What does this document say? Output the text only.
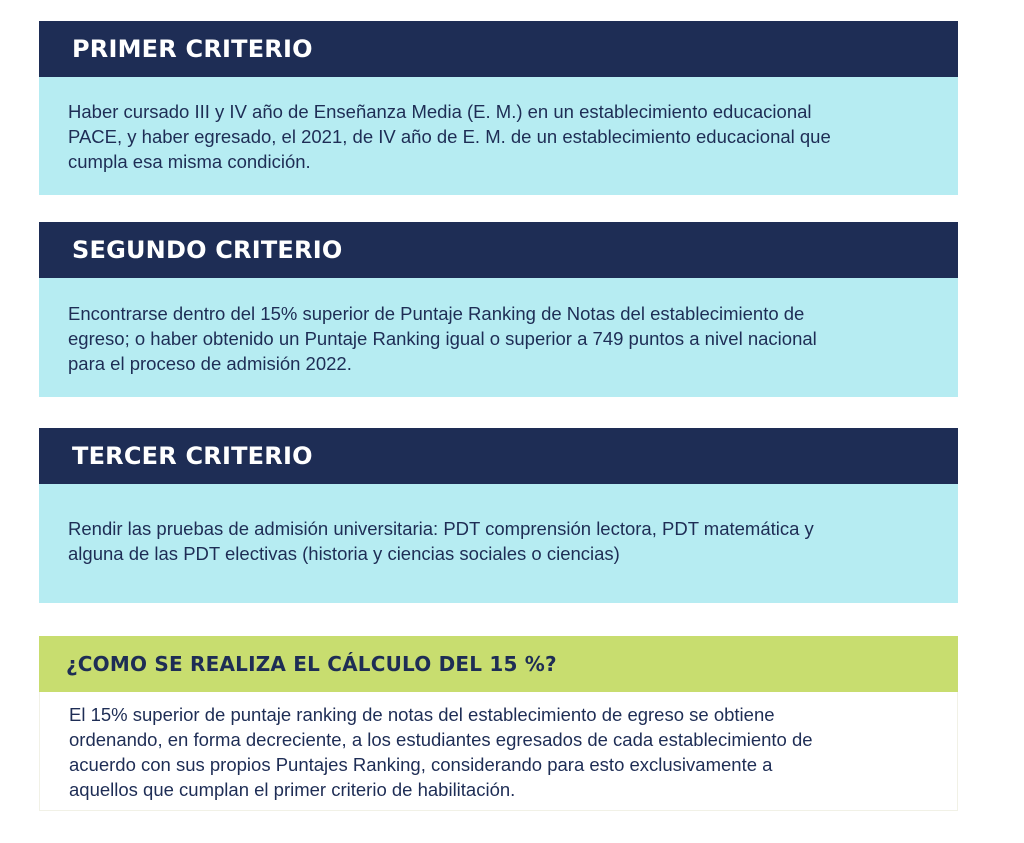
PRIMER CRITERIO

Haber cursado III y IV año de Enseñanza Media (E. M.) en un establecimiento educacional

PACE, y haber egresado, el 2021, de IV año de E. M. de un establecimiento educacional que

cumpla esa misma condición.

SEGUNDO CRITERIO

Encontrarse dentro del 15% superior de Puntaje Ranking de Notas del establecimiento de

egreso; o haber obtenido un Puntaje Ranking igual o superior a 749 puntos a nivel nacional

para el proceso de admisión 2022.

TERCER CRITERIO

Rendir las pruebas de admisión universitaria: PDT comprensión lectora, PDT matemática y

alguna de las PDT electivas (historia y ciencias sociales o ciencias)

¿COMO SE REALIZA EL CÁLCULO DEL 15 %?

El 15% superior de puntaje ranking de notas del establecimiento de egreso se obtiene

ordenando, en forma decreciente, a los estudiantes egresados de cada establecimiento de

acuerdo con sus propios Puntajes Ranking, considerando para esto exclusivamente a

aquellos que cumplan el primer criterio de habilitación.
